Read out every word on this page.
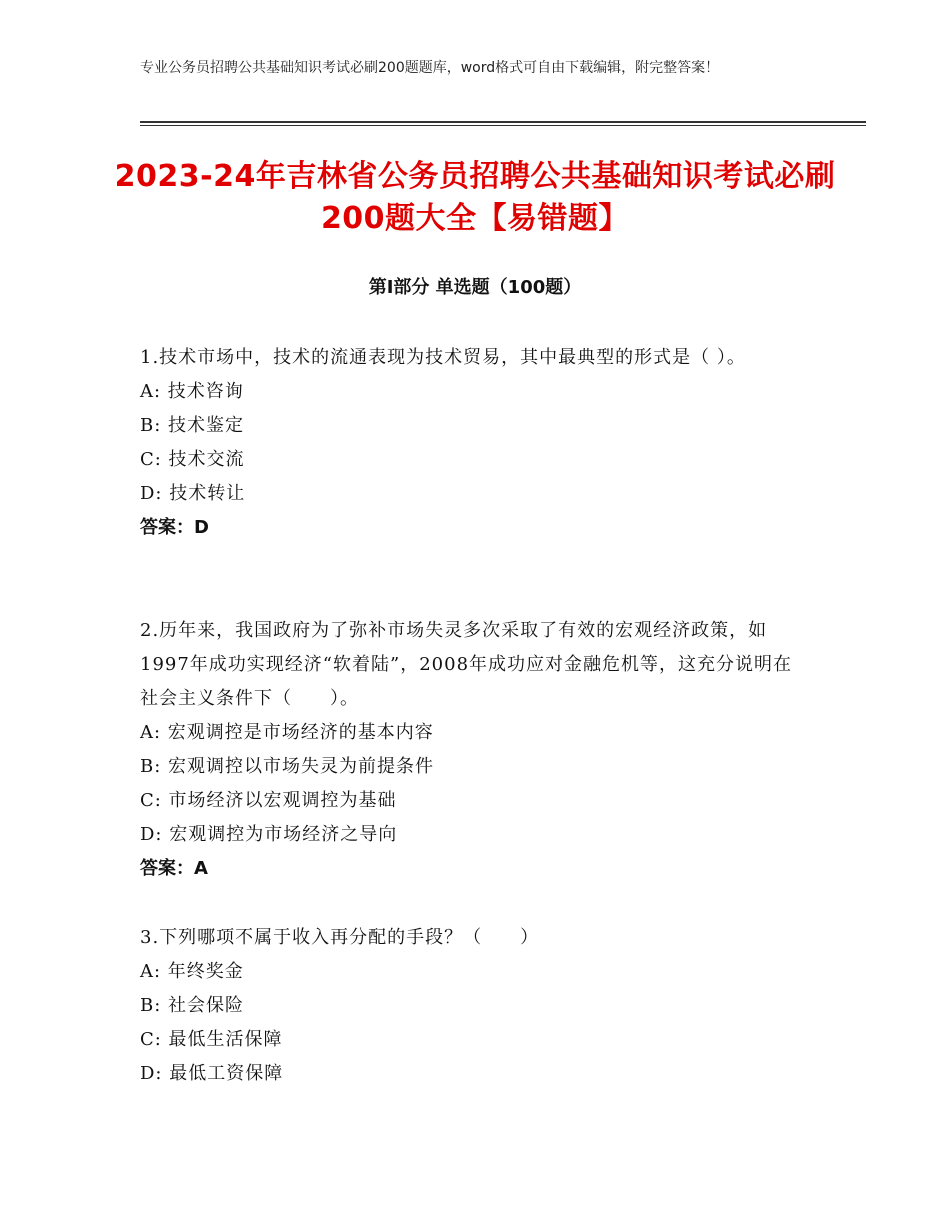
专业公务员招聘公共基础知识考试必刷200题题库，word格式可自由下载编辑，附完整答案！
2023-24年吉林省公务员招聘公共基础知识考试必刷200题大全【易错题】
第Ⅰ部分 单选题（100题）
1.技术市场中，技术的流通表现为技术贸易，其中最典型的形式是（ ）。
A: 技术咨询
B: 技术鉴定
C: 技术交流
D: 技术转让
答案：D
2.历年来，我国政府为了弥补市场失灵多次采取了有效的宏观经济政策，如1997年成功实现经济“软着陆”，2008年成功应对金融危机等，这充分说明在社会主义条件下（　　）。
A: 宏观调控是市场经济的基本内容
B: 宏观调控以市场失灵为前提条件
C: 市场经济以宏观调控为基础
D: 宏观调控为市场经济之导向
答案：A
3.下列哪项不属于收入再分配的手段？（　　）
A: 年终奖金
B: 社会保险
C: 最低生活保障
D: 最低工资保障
